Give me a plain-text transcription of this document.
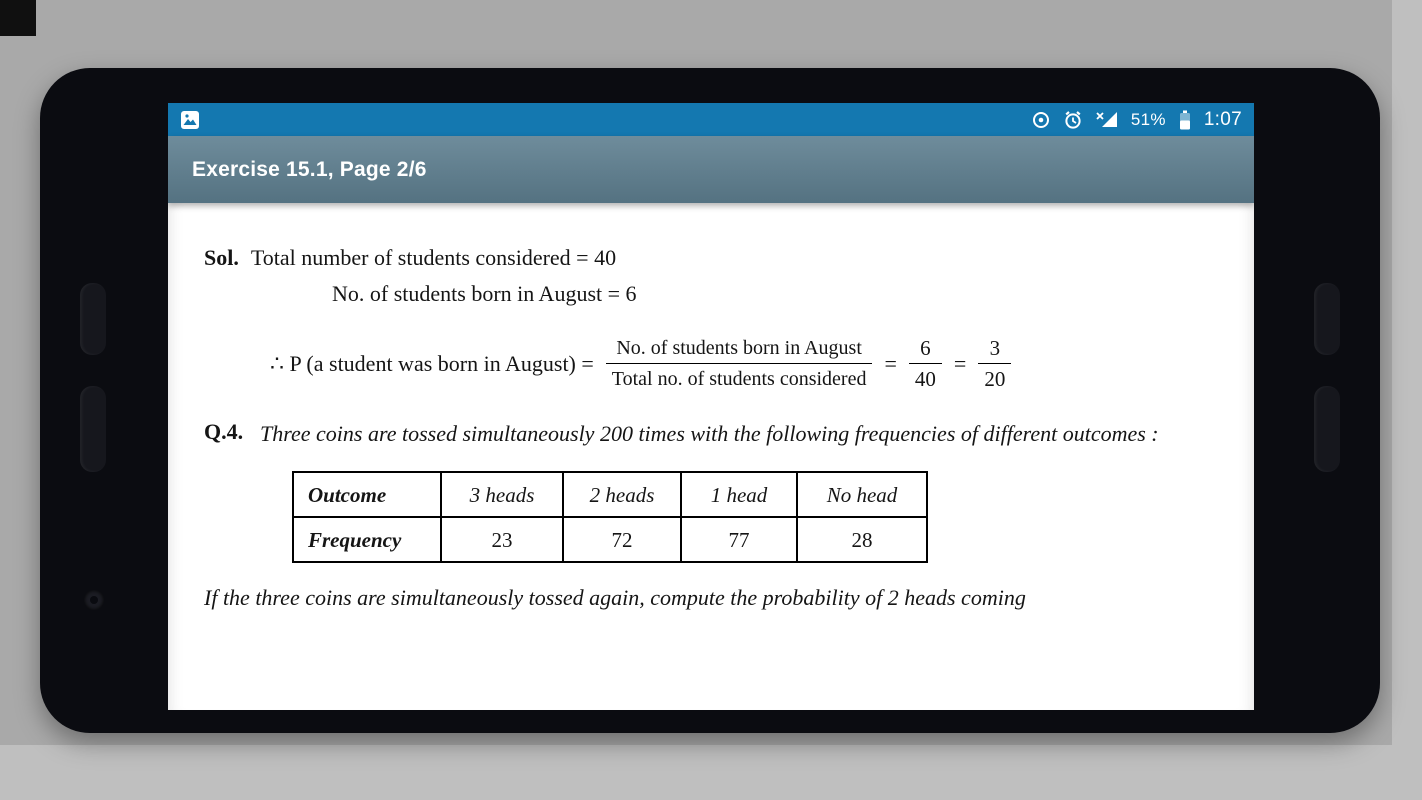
51% 1:07
Exercise 15.1, Page 2/6
Sol. Total number of students considered = 40
No. of students born in August = 6
∴ P (a student was born in August) = $\frac{\text{No. of students born in August}}{\text{Total no. of students considered}} = \frac{6}{40} = \frac{3}{20}$
Q.4. Three coins are tossed simultaneously 200 times with the following frequencies of different outcomes :
Outcome	3 heads	2 heads	1 head	No head
Frequency	23	72	77	28
If the three coins are simultaneously tossed again, compute the probability of 2 heads coming
